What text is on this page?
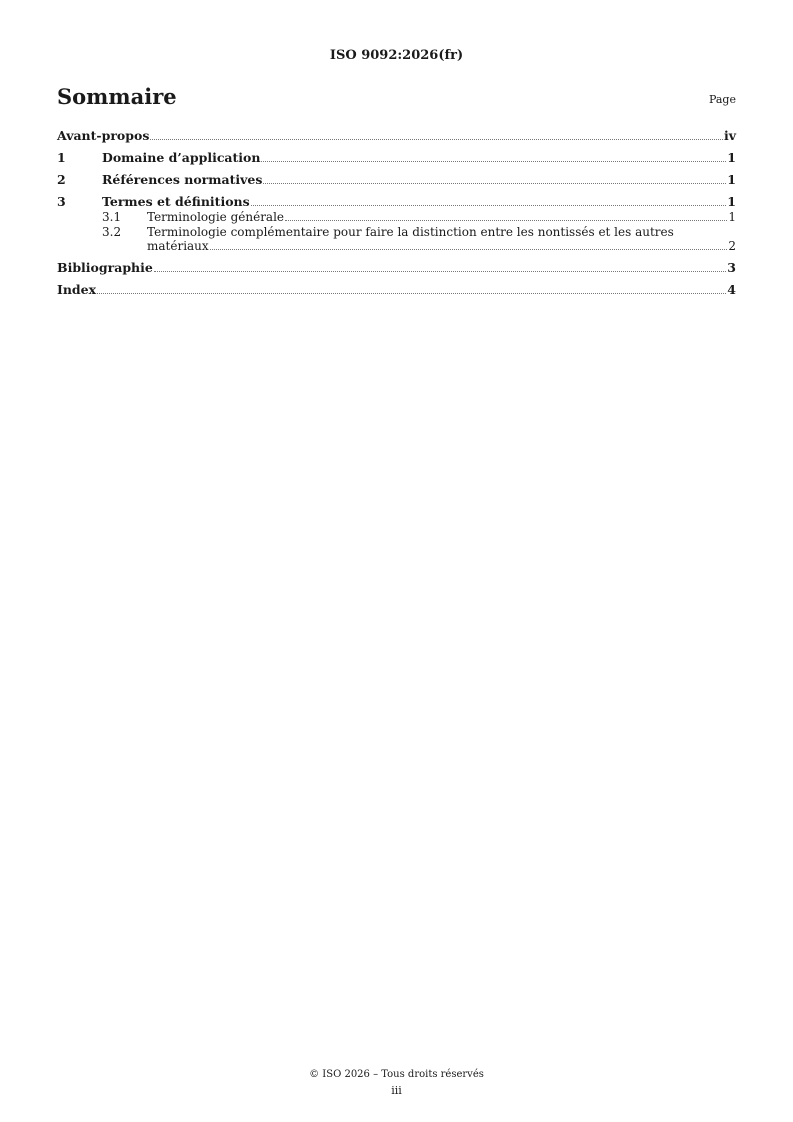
ISO 9092:2026(fr)
Sommaire	Page
Avant-propos	iv
1	Domaine d’application	1
2	Références normatives	1
3	Termes et définitions	1
3.1	Terminologie générale	1
3.2	Terminologie complémentaire pour faire la distinction entre les nontissés et les autres
matériaux	2
Bibliographie	3
Index	4
© ISO 2026 – Tous droits réservés
iii
